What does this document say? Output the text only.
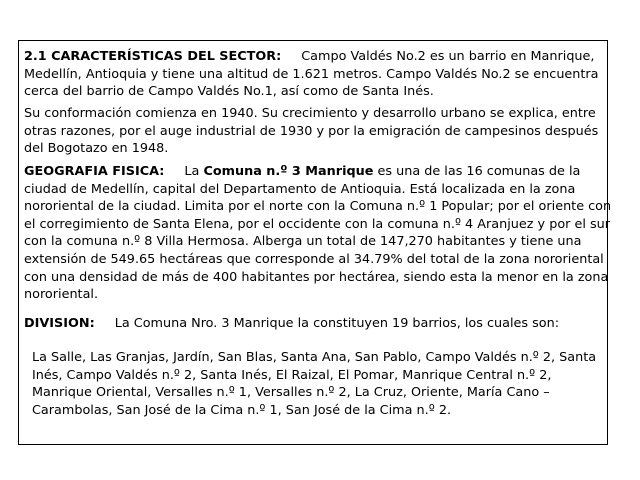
2.1 CARACTERÍSTICAS DEL SECTOR: Campo Valdés No.2 es un barrio en Manrique, Medellín, Antioquia y tiene una altitud de 1.621 metros. Campo Valdés No.2 se encuentra cerca del barrio de Campo Valdés No.1, así como de Santa Inés.

Su conformación comienza en 1940. Su crecimiento y desarrollo urbano se explica, entre otras razones, por el auge industrial de 1930 y por la emigración de campesinos después del Bogotazo en 1948.

GEOGRAFIA FISICA: La Comuna n.º 3 Manrique es una de las 16 comunas de la ciudad de Medellín, capital del Departamento de Antioquia. Está localizada en la zona nororiental de la ciudad. Limita por el norte con la Comuna n.º 1 Popular; por el oriente con el corregimiento de Santa Elena, por el occidente con la comuna n.º 4 Aranjuez y por el sur con la comuna n.º 8 Villa Hermosa. Alberga un total de 147,270 habitantes y tiene una extensión de 549.65 hectáreas que corresponde al 34.79% del total de la zona nororiental con una densidad de más de 400 habitantes por hectárea, siendo esta la menor en la zona nororiental.

DIVISION: La Comuna Nro. 3 Manrique la constituyen 19 barrios, los cuales son:

La Salle, Las Granjas, Jardín, San Blas, Santa Ana, San Pablo, Campo Valdés n.º 2, Santa Inés, Campo Valdés n.º 2, Santa Inés, El Raizal, El Pomar, Manrique Central n.º 2, Manrique Oriental, Versalles n.º 1, Versalles n.º 2, La Cruz, Oriente, María Cano – Carambolas, San José de la Cima n.º 1, San José de la Cima n.º 2.
